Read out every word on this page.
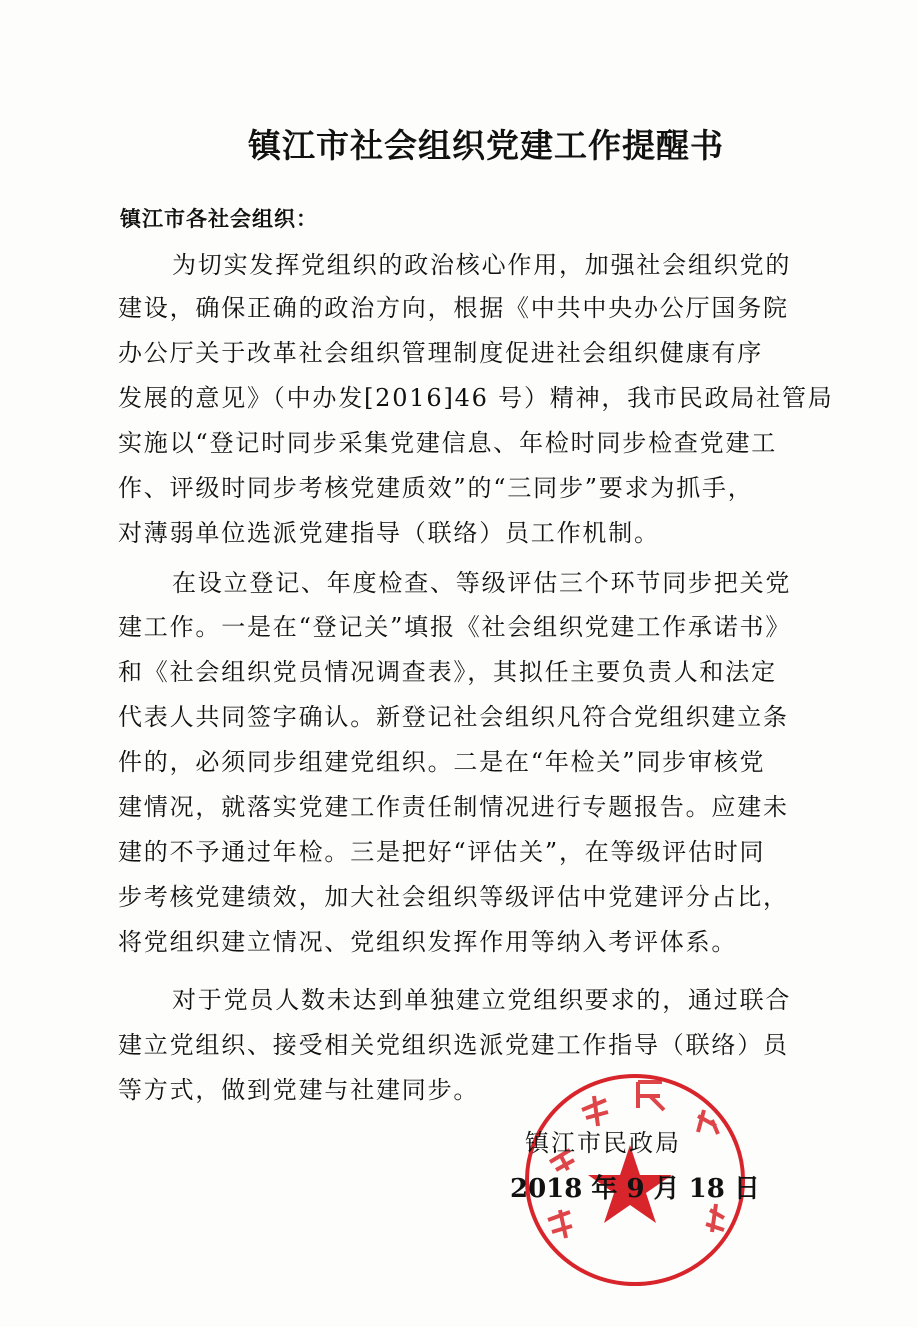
镇江市社会组织党建工作提醒书
镇江市各社会组织：
为切实发挥党组织的政治核心作用，加强社会组织党的
建设，确保正确的政治方向，根据《中共中央办公厅国务院
办公厅关于改革社会组织管理制度促进社会组织健康有序
发展的意见》（中办发[2016]46 号）精神，我市民政局社管局
实施以“登记时同步采集党建信息、年检时同步检查党建工
作、评级时同步考核党建质效”的“三同步”要求为抓手，
对薄弱单位选派党建指导（联络）员工作机制。
在设立登记、年度检查、等级评估三个环节同步把关党
建工作。一是在“登记关”填报《社会组织党建工作承诺书》
和《社会组织党员情况调查表》，其拟任主要负责人和法定
代表人共同签字确认。新登记社会组织凡符合党组织建立条
件的，必须同步组建党组织。二是在“年检关”同步审核党
建情况，就落实党建工作责任制情况进行专题报告。应建未
建的不予通过年检。三是把好“评估关”，在等级评估时同
步考核党建绩效，加大社会组织等级评估中党建评分占比，
将党组织建立情况、党组织发挥作用等纳入考评体系。
对于党员人数未达到单独建立党组织要求的，通过联合
建立党组织、接受相关党组织选派党建工作指导（联络）员
等方式，做到党建与社建同步。
镇江市民政局
2018 年 9 月 18 日
